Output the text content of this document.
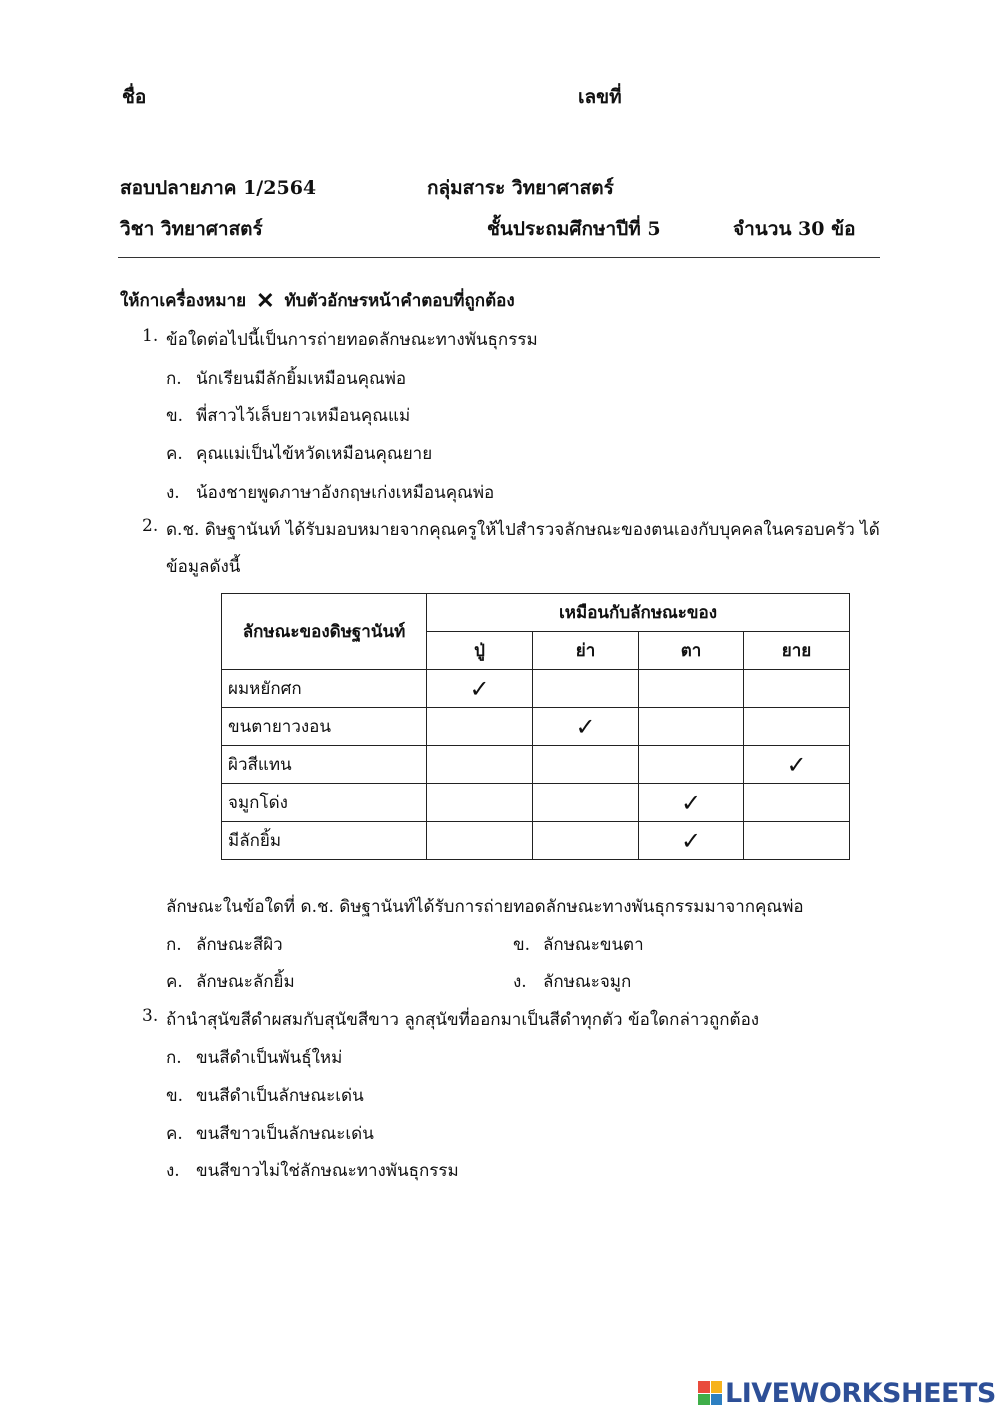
ชื่อ	เลขที่
สอบปลายภาค 1/2564	กลุ่มสาระ วิทยาศาสตร์
วิชา วิทยาศาสตร์	ชั้นประถมศึกษาปีที่ 5	จำนวน 30 ข้อ
ให้กาเครื่องหมาย ✕ ทับตัวอักษรหน้าคำตอบที่ถูกต้อง
1. ข้อใดต่อไปนี้เป็นการถ่ายทอดลักษณะทางพันธุกรรม
ก. นักเรียนมีลักยิ้มเหมือนคุณพ่อ
ข. พี่สาวไว้เล็บยาวเหมือนคุณแม่
ค. คุณแม่เป็นไข้หวัดเหมือนคุณยาย
ง. น้องชายพูดภาษาอังกฤษเก่งเหมือนคุณพ่อ
2. ด.ช. ดิษฐานันท์ ได้รับมอบหมายจากคุณครูให้ไปสำรวจลักษณะของตนเองกับบุคคลในครอบครัว ได้
ข้อมูลดังนี้
ลักษณะของดิษฐานันท์	เหมือนกับลักษณะของ			
	ปู่	ย่า	ตา	ยาย
ผมหยักศก	✓			
ขนตายาวงอน		✓		
ผิวสีแทน				✓
จมูกโด่ง			✓	
มีลักยิ้ม			✓	
ลักษณะในข้อใดที่ ด.ช. ดิษฐานันท์ได้รับการถ่ายทอดลักษณะทางพันธุกรรมมาจากคุณพ่อ
ก. ลักษณะสีผิว	ข. ลักษณะขนตา
ค. ลักษณะลักยิ้ม	ง. ลักษณะจมูก
3. ถ้านำสุนัขสีดำผสมกับสุนัขสีขาว ลูกสุนัขที่ออกมาเป็นสีดำทุกตัว ข้อใดกล่าวถูกต้อง
ก. ขนสีดำเป็นพันธุ์ใหม่
ข. ขนสีดำเป็นลักษณะเด่น
ค. ขนสีขาวเป็นลักษณะเด่น
ง. ขนสีขาวไม่ใช่ลักษณะทางพันธุกรรม
LIVEWORKSHEETS
